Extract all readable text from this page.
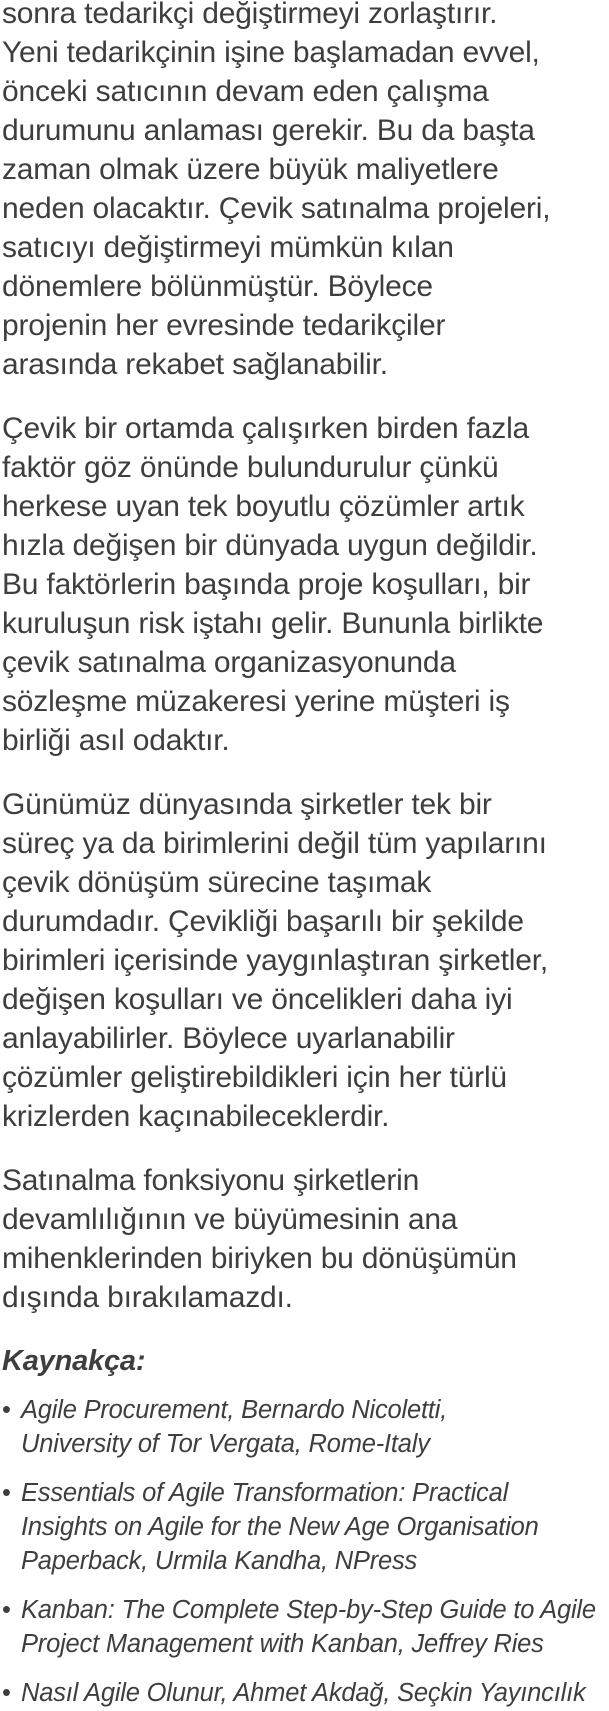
sonra tedarikçi değiştirmeyi zorlaştırır.
Yeni tedarikçinin işine başlamadan evvel,
önceki satıcının devam eden çalışma
durumunu anlaması gerekir. Bu da başta
zaman olmak üzere büyük maliyetlere
neden olacaktır. Çevik satınalma projeleri,
satıcıyı değiştirmeyi mümkün kılan
dönemlere bölünmüştür. Böylece
projenin her evresinde tedarikçiler
arasında rekabet sağlanabilir.

Çevik bir ortamda çalışırken birden fazla
faktör göz önünde bulundurulur çünkü
herkese uyan tek boyutlu çözümler artık
hızla değişen bir dünyada uygun değildir.
Bu faktörlerin başında proje koşulları, bir
kuruluşun risk iştahı gelir. Bununla birlikte
çevik satınalma organizasyonunda
sözleşme müzakeresi yerine müşteri iş
birliği asıl odaktır.

Günümüz dünyasında şirketler tek bir
süreç ya da birimlerini değil tüm yapılarını
çevik dönüşüm sürecine taşımak
durumdadır. Çevikliği başarılı bir şekilde
birimleri içerisinde yaygınlaştıran şirketler,
değişen koşulları ve öncelikleri daha iyi
anlayabilirler. Böylece uyarlanabilir
çözümler geliştirebildikleri için her türlü
krizlerden kaçınabileceklerdir.

Satınalma fonksiyonu şirketlerin
devamlılığının ve büyümesinin ana
mihenklerinden biriyken bu dönüşümün
dışında bırakılamazdı.

Kaynakça:
• Agile Procurement, Bernardo Nicoletti,
University of Tor Vergata, Rome-Italy
• Essentials of Agile Transformation: Practical
Insights on Agile for the New Age Organisation
Paperback, Urmila Kandha, NPress
• Kanban: The Complete Step-by-Step Guide to Agile
Project Management with Kanban, Jeffrey Ries
• Nasıl Agile Olunur, Ahmet Akdağ, Seçkin Yayıncılık
